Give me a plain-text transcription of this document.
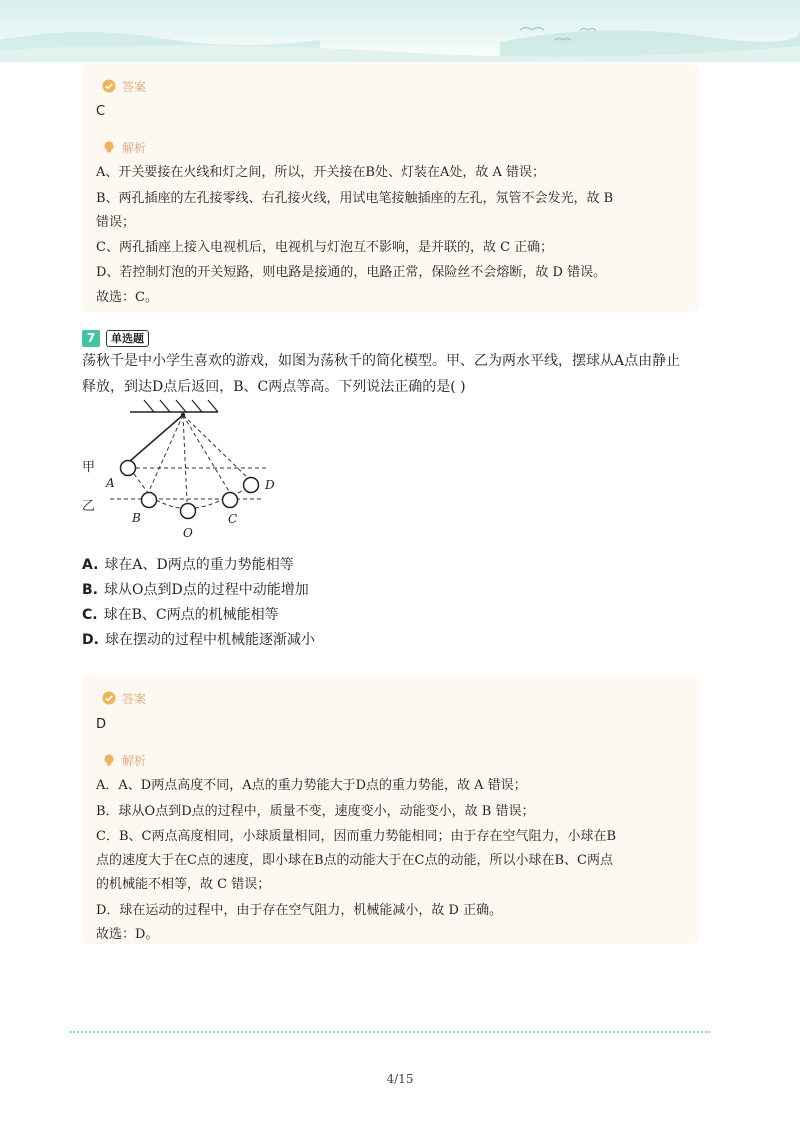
答案
C
解析
A、开关要接在火线和灯之间，所以，开关接在B处、灯装在A处，故 A 错误；
B、两孔插座的左孔接零线、右孔接火线，用试电笔接触插座的左孔，氖管不会发光，故 B
错误；
C、两孔插座上接入电视机后，电视机与灯泡互不影响，是并联的，故 C 正确；
D、若控制灯泡的开关短路，则电路是接通的，电路正常，保险丝不会熔断，故 D 错误。
故选：C。
7	单选题
荡秋千是中小学生喜欢的游戏，如图为荡秋千的简化模型。甲、乙为两水平线，摆球从A点由静止
释放，到达D点后返回，B、C两点等高。下列说法正确的是( )
甲
乙
A
B
O
C
D
A. 球在A、D两点的重力势能相等
B. 球从O点到D点的过程中动能增加
C. 球在B、C两点的机械能相等
D. 球在摆动的过程中机械能逐渐减小
答案
D
解析
A．A、D两点高度不同，A点的重力势能大于D点的重力势能，故 A 错误；
B．球从O点到D点的过程中，质量不变，速度变小，动能变小，故 B 错误；
C．B、C两点高度相同，小球质量相同，因而重力势能相同；由于存在空气阻力，小球在B
点的速度大于在C点的速度，即小球在B点的动能大于在C点的动能，所以小球在B、C两点
的机械能不相等，故 C 错误；
D．球在运动的过程中，由于存在空气阻力，机械能减小，故 D 正确。
故选：D。
4/15
